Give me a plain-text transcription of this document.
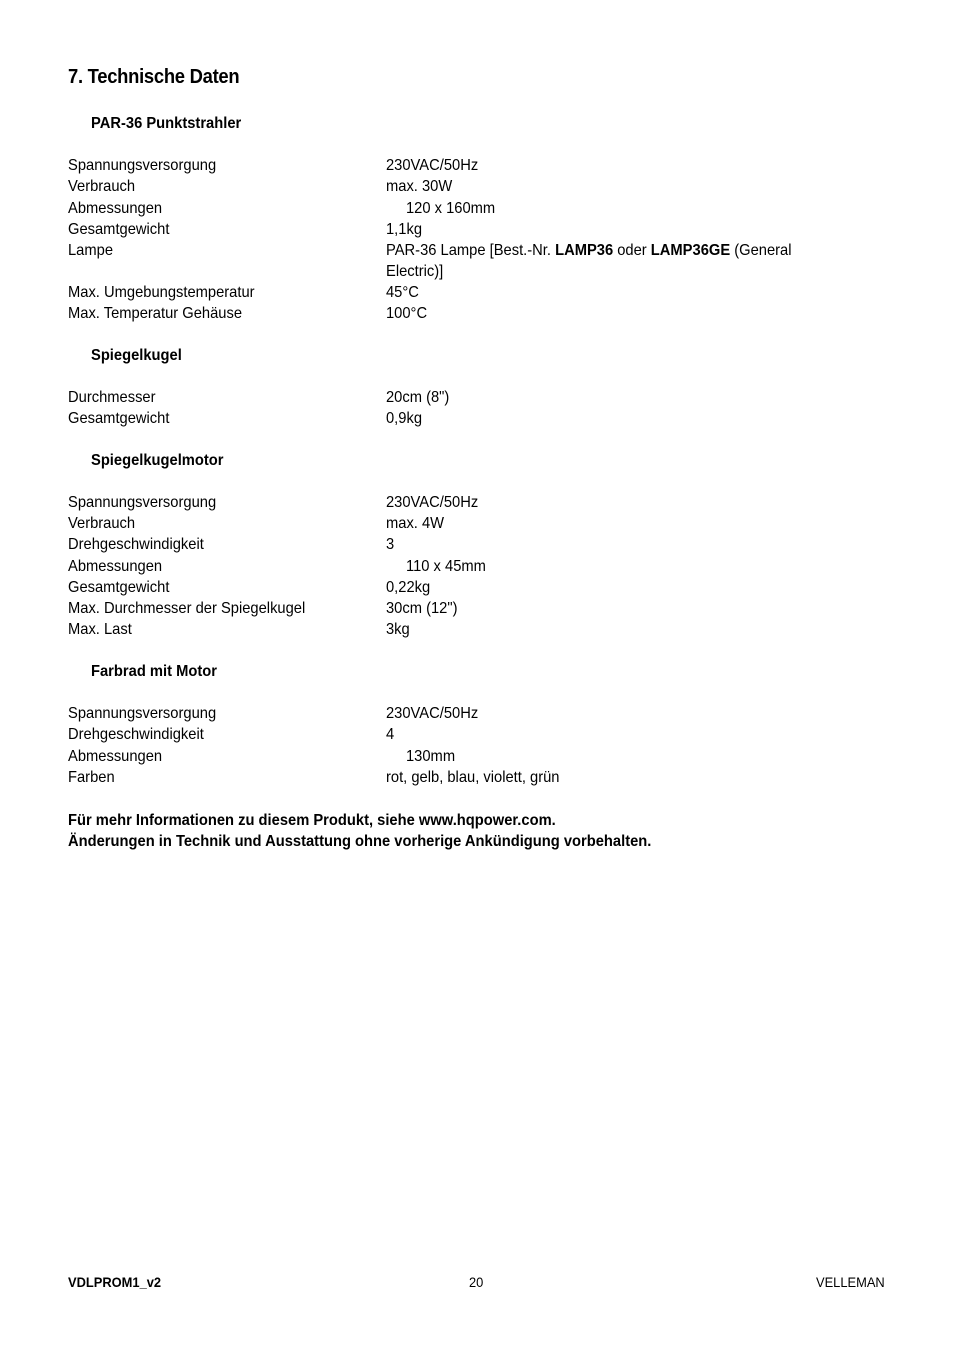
7. Technische Daten
PAR-36 Punktstrahler
Spannungsversorgung	230VAC/50Hz
Verbrauch	max. 30W
Abmessungen	120 x 160mm
Gesamtgewicht	1,1kg
Lampe	PAR-36 Lampe [Best.-Nr. LAMP36 oder LAMP36GE (General Electric)]
Max. Umgebungstemperatur	45°C
Max. Temperatur Gehäuse	100°C
Spiegelkugel
Durchmesser	20cm (8")
Gesamtgewicht	0,9kg
Spiegelkugelmotor
Spannungsversorgung	230VAC/50Hz
Verbrauch	max. 4W
Drehgeschwindigkeit	3
Abmessungen	110 x 45mm
Gesamtgewicht	0,22kg
Max. Durchmesser der Spiegelkugel	30cm (12")
Max. Last	3kg
Farbrad mit Motor
Spannungsversorgung	230VAC/50Hz
Drehgeschwindigkeit	4
Abmessungen	130mm
Farben	rot, gelb, blau, violett, grün
Für mehr Informationen zu diesem Produkt, siehe www.hqpower.com.
Änderungen in Technik und Ausstattung ohne vorherige Ankündigung vorbehalten.
VDLPROM1_v2	20	VELLEMAN
